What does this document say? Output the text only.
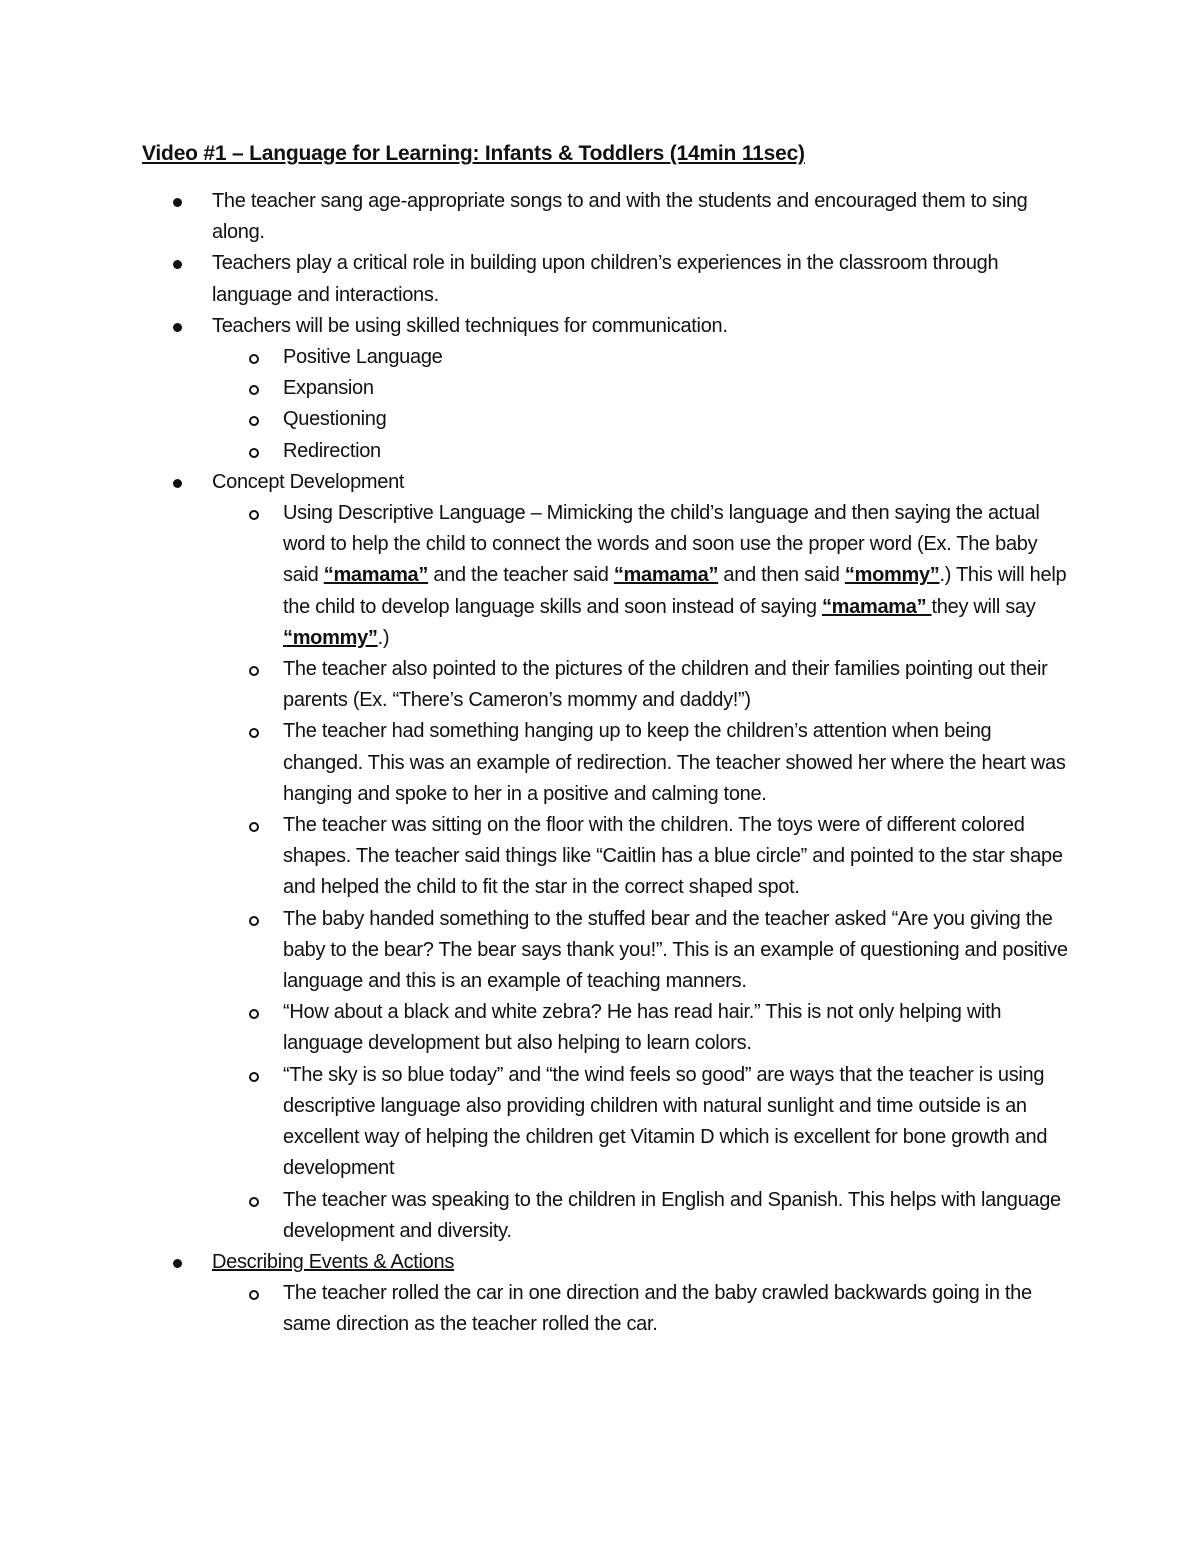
Video #1 – Language for Learning: Infants & Toddlers (14min 11sec)
The teacher sang age-appropriate songs to and with the students and encouraged them to sing along.
Teachers play a critical role in building upon children’s experiences in the classroom through language and interactions.
Teachers will be using skilled techniques for communication.
Positive Language
Expansion
Questioning
Redirection
Concept Development
Using Descriptive Language – Mimicking the child’s language and then saying the actual word to help the child to connect the words and soon use the proper word (Ex. The baby said “mamama” and the teacher said “mamama” and then said “mommy”.) This will help the child to develop language skills and soon instead of saying “mamama” they will say “mommy”.)
The teacher also pointed to the pictures of the children and their families pointing out their parents (Ex. “There’s Cameron’s mommy and daddy!”)
The teacher had something hanging up to keep the children’s attention when being changed. This was an example of redirection. The teacher showed her where the heart was hanging and spoke to her in a positive and calming tone.
The teacher was sitting on the floor with the children. The toys were of different colored shapes. The teacher said things like “Caitlin has a blue circle” and pointed to the star shape and helped the child to fit the star in the correct shaped spot.
The baby handed something to the stuffed bear and the teacher asked “Are you giving the baby to the bear? The bear says thank you!”. This is an example of questioning and positive language and this is an example of teaching manners.
“How about a black and white zebra? He has read hair.” This is not only helping with language development but also helping to learn colors.
“The sky is so blue today” and “the wind feels so good” are ways that the teacher is using descriptive language also providing children with natural sunlight and time outside is an excellent way of helping the children get Vitamin D which is excellent for bone growth and development
The teacher was speaking to the children in English and Spanish. This helps with language development and diversity.
Describing Events & Actions
The teacher rolled the car in one direction and the baby crawled backwards going in the same direction as the teacher rolled the car.
